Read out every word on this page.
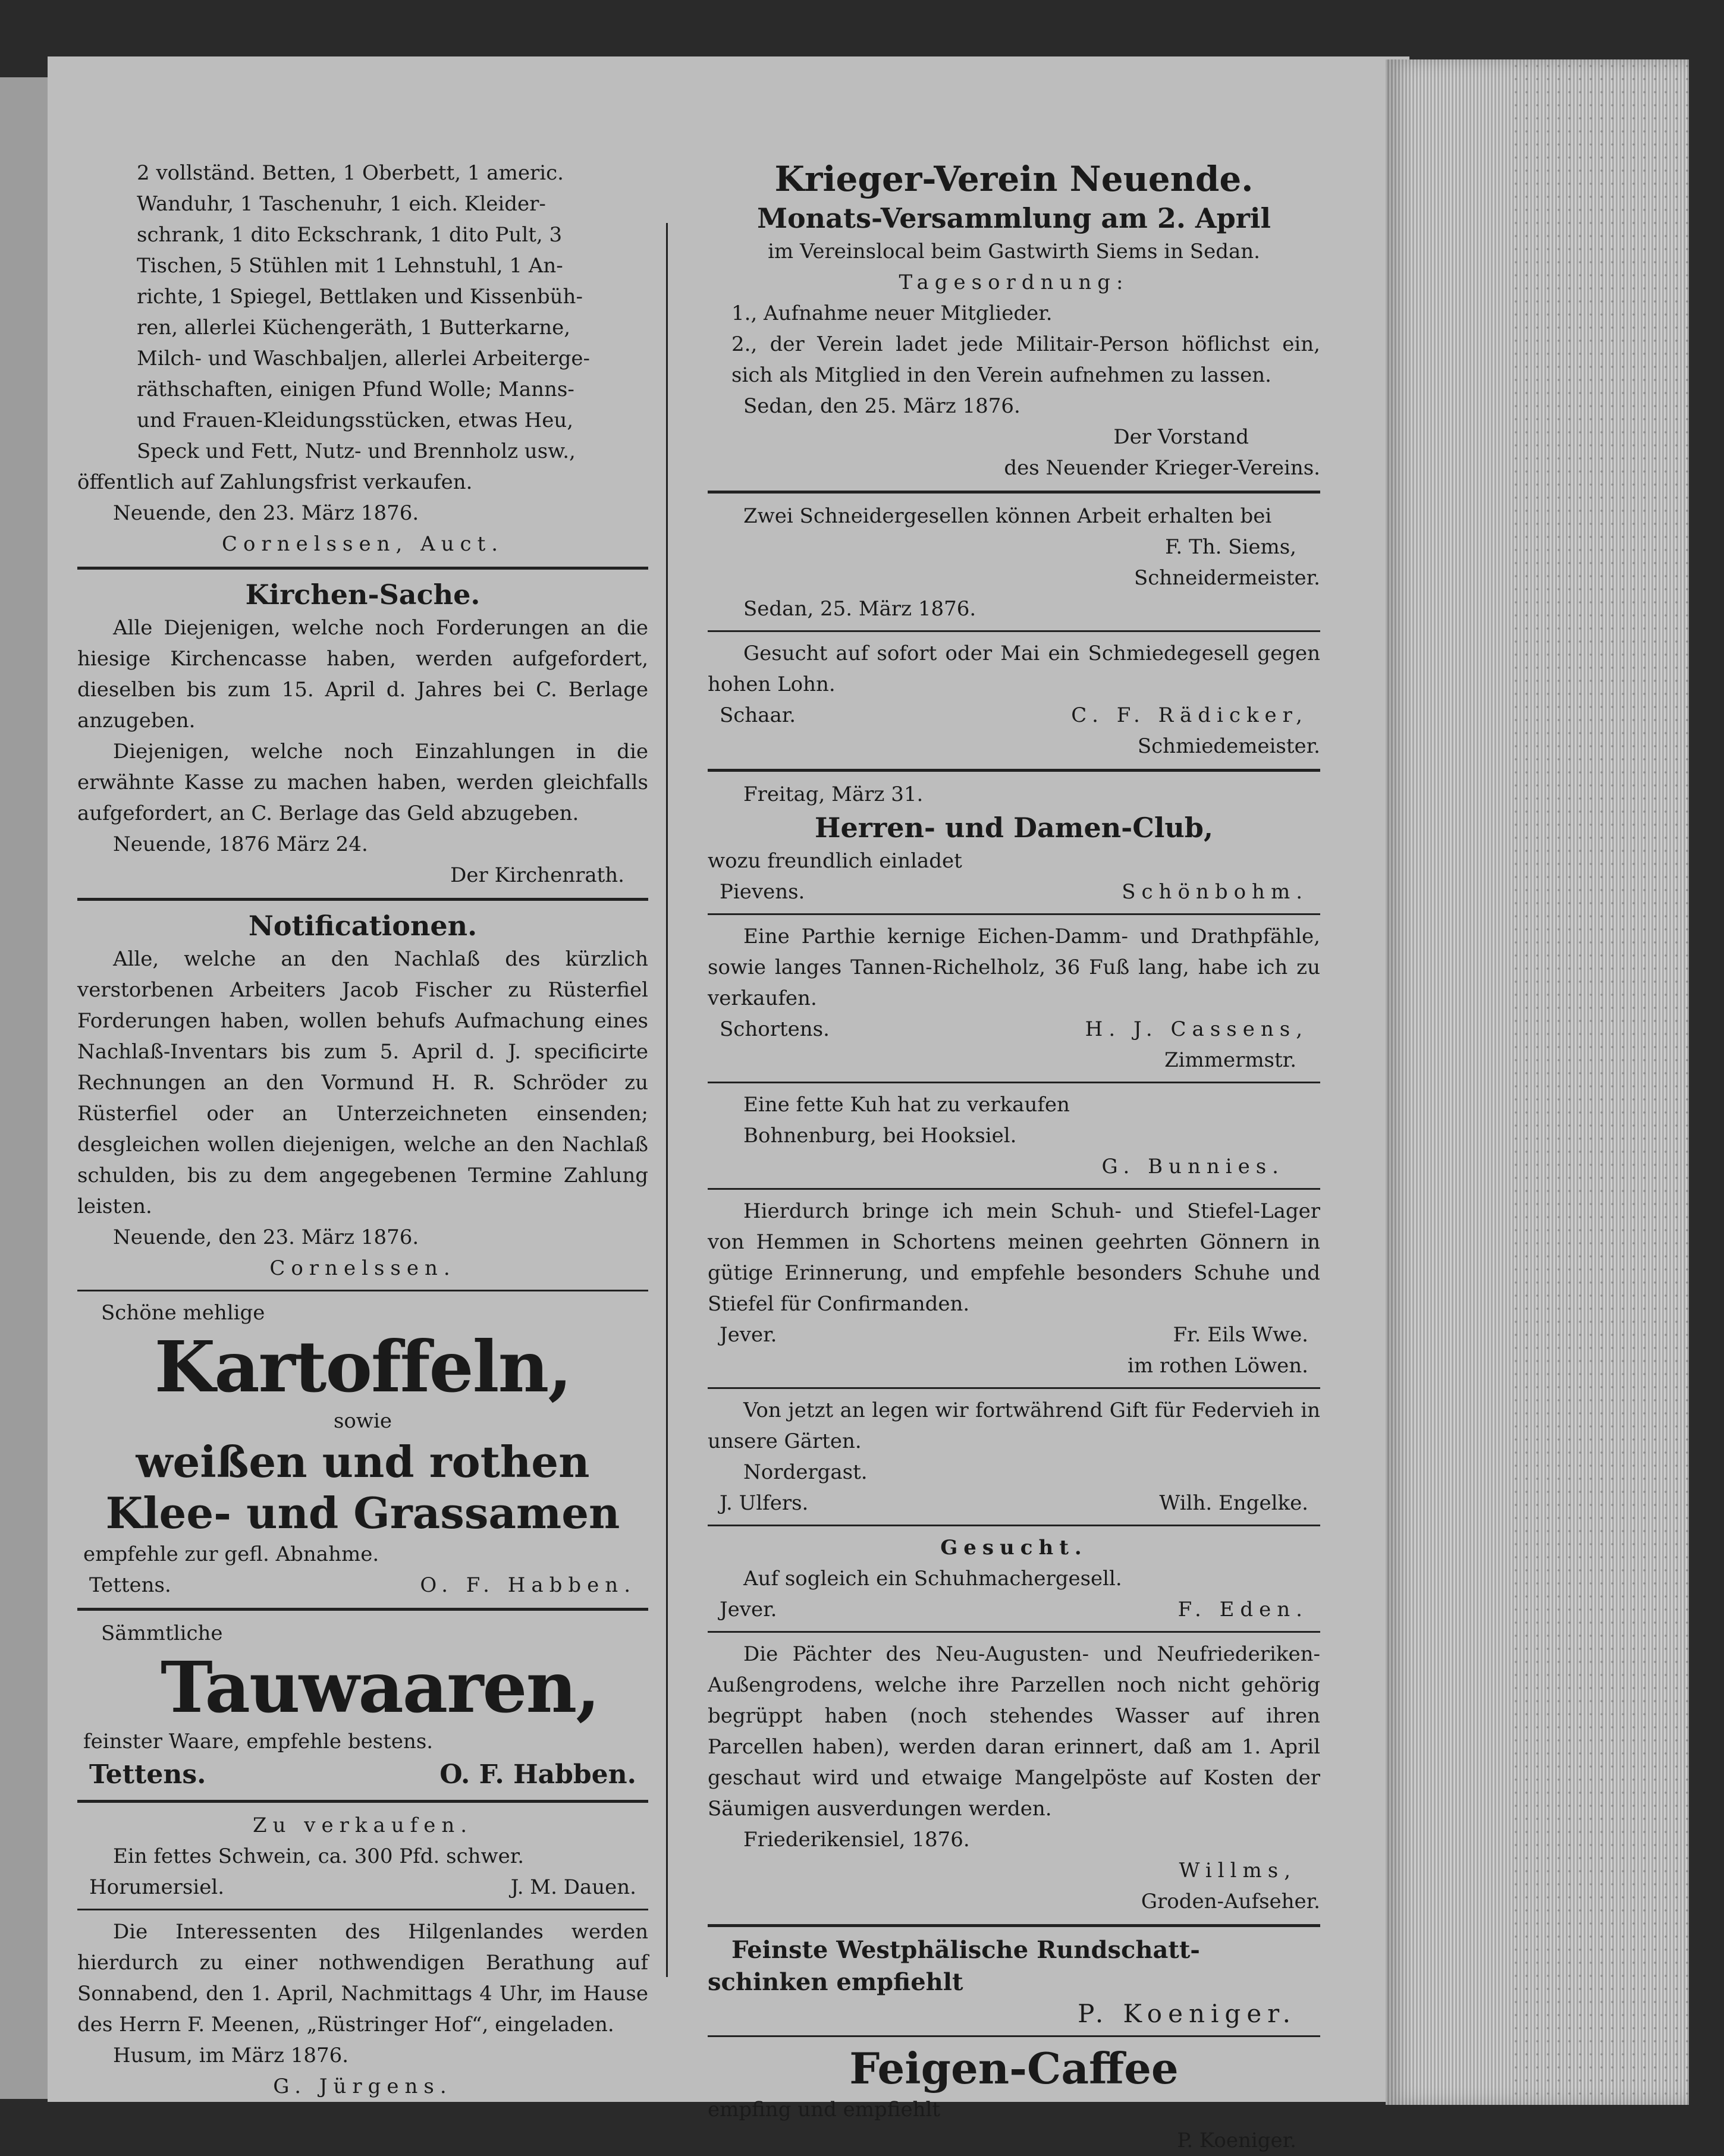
2 vollständ. Betten, 1 Oberbett, 1 americ.

Wanduhr, 1 Taschenuhr, 1 eich. Kleider-

schrank, 1 dito Eckschrank, 1 dito Pult, 3

Tischen, 5 Stühlen mit 1 Lehnstuhl, 1 An-

richte, 1 Spiegel, Bettlaken und Kissenbüh-

ren, allerlei Küchengeräth, 1 Butterkarne,

Milch- und Waschbaljen, allerlei Arbeiterge-

räthschaften, einigen Pfund Wolle; Manns-

und Frauen-Kleidungsstücken, etwas Heu,

Speck und Fett, Nutz- und Brennholz usw.,

öffentlich auf Zahlungsfrist verkaufen.

Neuende, den 23. März 1876.

Cornelssen, Auct.

Kirchen-Sache.

Alle Diejenigen, welche noch Forderungen an die hiesige Kirchencasse haben, werden aufgefordert, dieselben bis zum 15. April d. Jahres bei C. Berlage anzugeben.

Diejenigen, welche noch Einzahlungen in die erwähnte Kasse zu machen haben, werden gleichfalls aufgefordert, an C. Berlage das Geld abzugeben.

Neuende, 1876 März 24.

Der Kirchenrath.

Notificationen.

Alle, welche an den Nachlaß des kürzlich verstorbenen Arbeiters Jacob Fischer zu Rüsterfiel Forderungen haben, wollen behufs Aufmachung eines Nachlaß-Inventars bis zum 5. April d. J. specificirte Rechnungen an den Vormund H. R. Schröder zu Rüsterfiel oder an Unterzeichneten einsenden; desgleichen wollen diejenigen, welche an den Nachlaß schulden, bis zu dem angegebenen Termine Zahlung leisten.

Neuende, den 23. März 1876.

Cornelssen.

Schöne mehlige

Kartoffeln,

sowie

weißen und rothen

Klee- und Grassamen

empfehle zur gefl. Abnahme.

Tettens.	O. F. Habben.

Sämmtliche

Tauwaaren,

feinster Waare, empfehle bestens.

Tettens.	O. F. Habben.

Zu verkaufen.

Ein fettes Schwein, ca. 300 Pfd. schwer.

Horumersiel.	J. M. Dauen.

Die Interessenten des Hilgenlandes werden hierdurch zu einer nothwendigen Berathung auf Sonnabend, den 1. April, Nachmittags 4 Uhr, im Hause des Herrn F. Meenen, „Rüstringer Hof“, eingeladen.

Husum, im März 1876.

G. Jürgens.

Krieger-Verein Neuende.

Monats-Versammlung am 2. April

im Vereinslocal beim Gastwirth Siems in Sedan.

Tagesordnung:

1., Aufnahme neuer Mitglieder.

2., der Verein ladet jede Militair-Person höflichst ein, sich als Mitglied in den Verein aufnehmen zu lassen.

Sedan, den 25. März 1876.

Der Vorstand

des Neuender Krieger-Vereins.

Zwei Schneidergesellen können Arbeit erhalten bei

F. Th. Siems,

Schneidermeister.

Sedan, 25. März 1876.

Gesucht auf sofort oder Mai ein Schmiedegesell gegen hohen Lohn.

Schaar.	C. F. Rädicker,

Schmiedemeister.

Freitag, März 31.

Herren- und Damen-Club,

wozu freundlich einladet

Pievens.	Schönbohm.

Eine Parthie kernige Eichen-Damm- und Drathpfähle, sowie langes Tannen-Richelholz, 36 Fuß lang, habe ich zu verkaufen.

Schortens.	H. J. Cassens,

Zimmermstr.

Eine fette Kuh hat zu verkaufen

Bohnenburg, bei Hooksiel.

G. Bunnies.

Hierdurch bringe ich mein Schuh- und Stiefel-Lager von Hemmen in Schortens meinen geehrten Gönnern in gütige Erinnerung, und empfehle besonders Schuhe und Stiefel für Confirmanden.

Jever.	Fr. Eils Wwe.

im rothen Löwen.

Von jetzt an legen wir fortwährend Gift für Federvieh in unsere Gärten.

Nordergast.

J. Ulfers.	Wilh. Engelke.

Gesucht.

Auf sogleich ein Schuhmachergesell.

Jever.	F. Eden.

Die Pächter des Neu-Augusten- und Neufriederiken-Außengrodens, welche ihre Parzellen noch nicht gehörig begrüppt haben (noch stehendes Wasser auf ihren Parcellen haben), werden daran erinnert, daß am 1. April geschaut wird und etwaige Mangelpöste auf Kosten der Säumigen ausverdungen werden.

Friederikensiel, 1876.

Willms,

Groden-Aufseher.

Feinste Westphälische Rundschatt-

schinken empfiehlt

P. Koeniger.

Feigen-Caffee

empfing und empfiehlt

P. Koeniger.
